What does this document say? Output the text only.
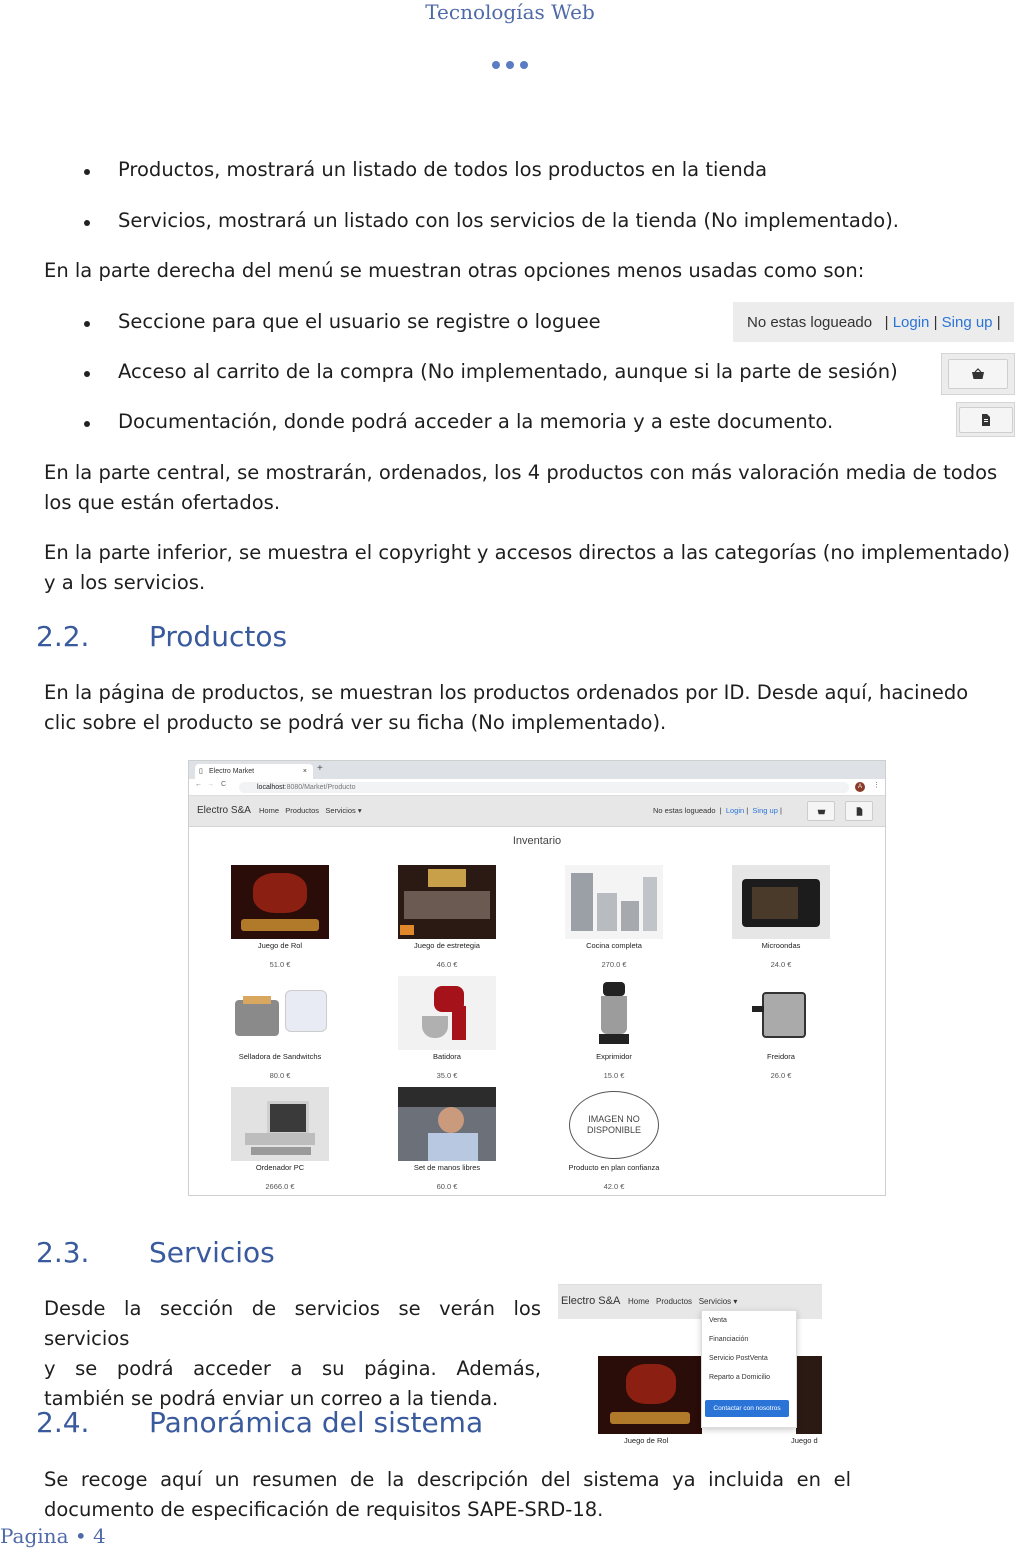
Tecnologías Web
Productos, mostrará un listado de todos los productos en la tienda
Servicios, mostrará un listado con los servicios de la tienda (No implementado).
En la parte derecha del menú se muestran otras opciones menos usadas como son:
Seccione para que el usuario se registre o loguee	No estas logueado
|
Login
|
Sing up
|
Acceso al carrito de la compra (No implementado, aunque si la parte de sesión)
Documentación, donde podrá acceder a la memoria y a este documento.
En la parte central, se mostrarán, ordenados, los 4 productos con más valoración media de todos
los que están ofertados.
En la parte inferior, se muestra el copyright y accesos directos a las categorías (no implementado)
y a los servicios.
2.2. Productos
En la página de productos, se muestran los productos ordenados por ID. Desde aquí, hacinedo
clic sobre el producto se podrá ver su ficha (No implementado).
▯ Electro Market	× +
← → C	localhost:8080/Market/Producto	A	⋮
Electro S&A Home Productos Servicios ▾	No estas logueado | Login | Sing up |
Inventario
Juego de Rol
51.0 €
Juego de estretegia
46.0 €
Cocina completa
270.0 €
Microondas
24.0 €
Selladora de Sandwitchs
80.0 €
Batidora
35.0 €
Exprimidor
15.0 €
Freidora
26.0 €
Ordenador PC
2666.0 €
Set de manos libres
60.0 €
IMAGEN NO
DISPONIBLE
Producto en plan confianza
42.0 €
2.3. Servicios
Desde la sección de servicios se verán los servicios
y se podrá acceder a su página. Además,
también se podrá enviar un correo a la tienda.
Electro S&A Home Productos Servicios ▾
Juego de Rol	Juego d
Venta
Financiación
Servicio PostVenta
Reparto a Domicilio
Contactar con nosotros
2.4. Panorámica del sistema
Se recoge aquí un resumen de la descripción del sistema ya incluida en el
documento de especificación de requisitos SAPE-SRD-18.
Pagina • 4
